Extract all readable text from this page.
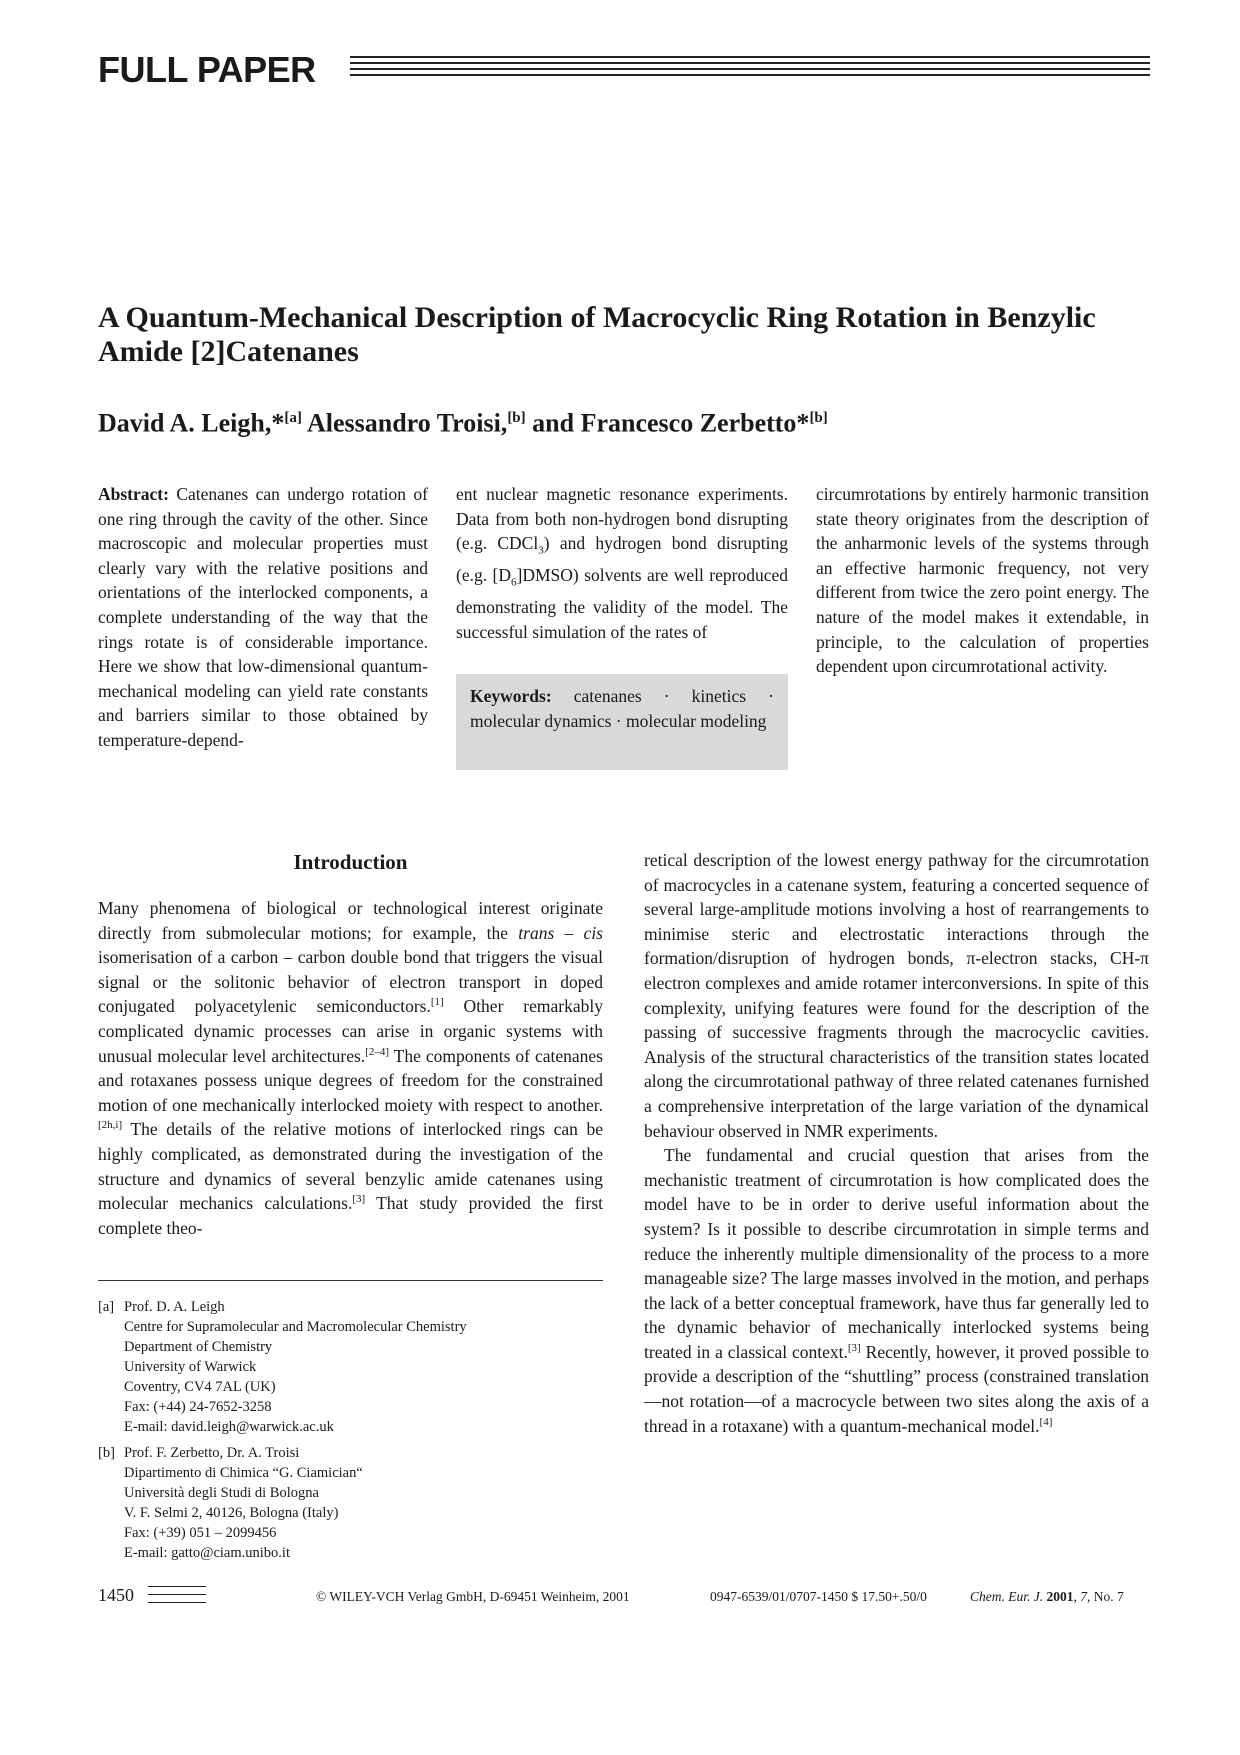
FULL PAPER
A Quantum-Mechanical Description of Macrocyclic Ring Rotation in Benzylic Amide [2]Catenanes
David A. Leigh,*[a] Alessandro Troisi,[b] and Francesco Zerbetto*[b]
Abstract: Catenanes can undergo rotation of one ring through the cavity of the other. Since macroscopic and molecular properties must clearly vary with the relative positions and orientations of the interlocked components, a complete understanding of the way that the rings rotate is of considerable importance. Here we show that low-dimensional quantum-mechanical modeling can yield rate constants and barriers similar to those obtained by temperature-depend-
ent nuclear magnetic resonance experiments. Data from both non-hydrogen bond disrupting (e.g. CDCl$_3$) and hydrogen bond disrupting (e.g. $[D_6]DMSO$) solvents are well reproduced demonstrating the validity of the model. The successful simulation of the rates of
Keywords: catenanes · kinetics · molecular dynamics · molecular modeling
circumrotations by entirely harmonic transition state theory originates from the description of the anharmonic levels of the systems through an effective harmonic frequency, not very different from twice the zero point energy. The nature of the model makes it extendable, in principle, to the calculation of properties dependent upon circumrotational activity.
Introduction

Many phenomena of biological or technological interest originate directly from submolecular motions; for example, the trans – cis isomerisation of a carbon – carbon double bond that triggers the visual signal or the solitonic behavior of electron transport in doped conjugated polyacetylenic semiconductors.[1] Other remarkably complicated dynamic processes can arise in organic systems with unusual molecular level architectures.[2–4] The components of catenanes and rotaxanes possess unique degrees of freedom for the constrained motion of one mechanically interlocked moiety with respect to another.[2h,i] The details of the relative motions of interlocked rings can be highly complicated, as demonstrated during the investigation of the structure and dynamics of several benzylic amide catenanes using molecular mechanics calculations.[3] That study provided the first complete theo-

retical description of the lowest energy pathway for the circumrotation of macrocycles in a catenane system, featuring a concerted sequence of several large-amplitude motions involving a host of rearrangements to minimise steric and electrostatic interactions through the formation/disruption of hydrogen bonds, π-electron stacks, CH-π electron complexes and amide rotamer interconversions. In spite of this complexity, unifying features were found for the description of the passing of successive fragments through the macrocyclic cavities. Analysis of the structural characteristics of the transition states located along the circumrotational pathway of three related catenanes furnished a comprehensive interpretation of the large variation of the dynamical behaviour observed in NMR experiments.

The fundamental and crucial question that arises from the mechanistic treatment of circumrotation is how complicated does the model have to be in order to derive useful information about the system? Is it possible to describe circumrotation in simple terms and reduce the inherently multiple dimensionality of the process to a more manageable size? The large masses involved in the motion, and perhaps the lack of a better conceptual framework, have thus far generally led to the dynamic behavior of mechanically interlocked systems being treated in a classical context.[3] Recently, however, it proved possible to provide a description of the “shuttling” process (constrained translation—not rotation—of a macrocycle between two sites along the axis of a thread in a rotaxane) with a quantum-mechanical model.[4]

[a] Prof. D. A. Leigh
Centre for Supramolecular and Macromolecular Chemistry
Department of Chemistry
University of Warwick
Coventry, CV4 7AL (UK)
Fax: (+44) 24-7652-3258
E-mail: david.leigh@warwick.ac.uk
[b] Prof. F. Zerbetto, Dr. A. Troisi
Dipartimento di Chimica “G. Ciamician“
Università degli Studi di Bologna
V. F. Selmi 2, 40126, Bologna (Italy)
Fax: (+39) 051 – 2099456
E-mail: gatto@ciam.unibo.it
1450	© WILEY-VCH Verlag GmbH, D-69451 Weinheim, 2001	0947-6539/01/0707-1450 $ 17.50+.50/0	Chem. Eur. J. 2001, 7, No. 7
